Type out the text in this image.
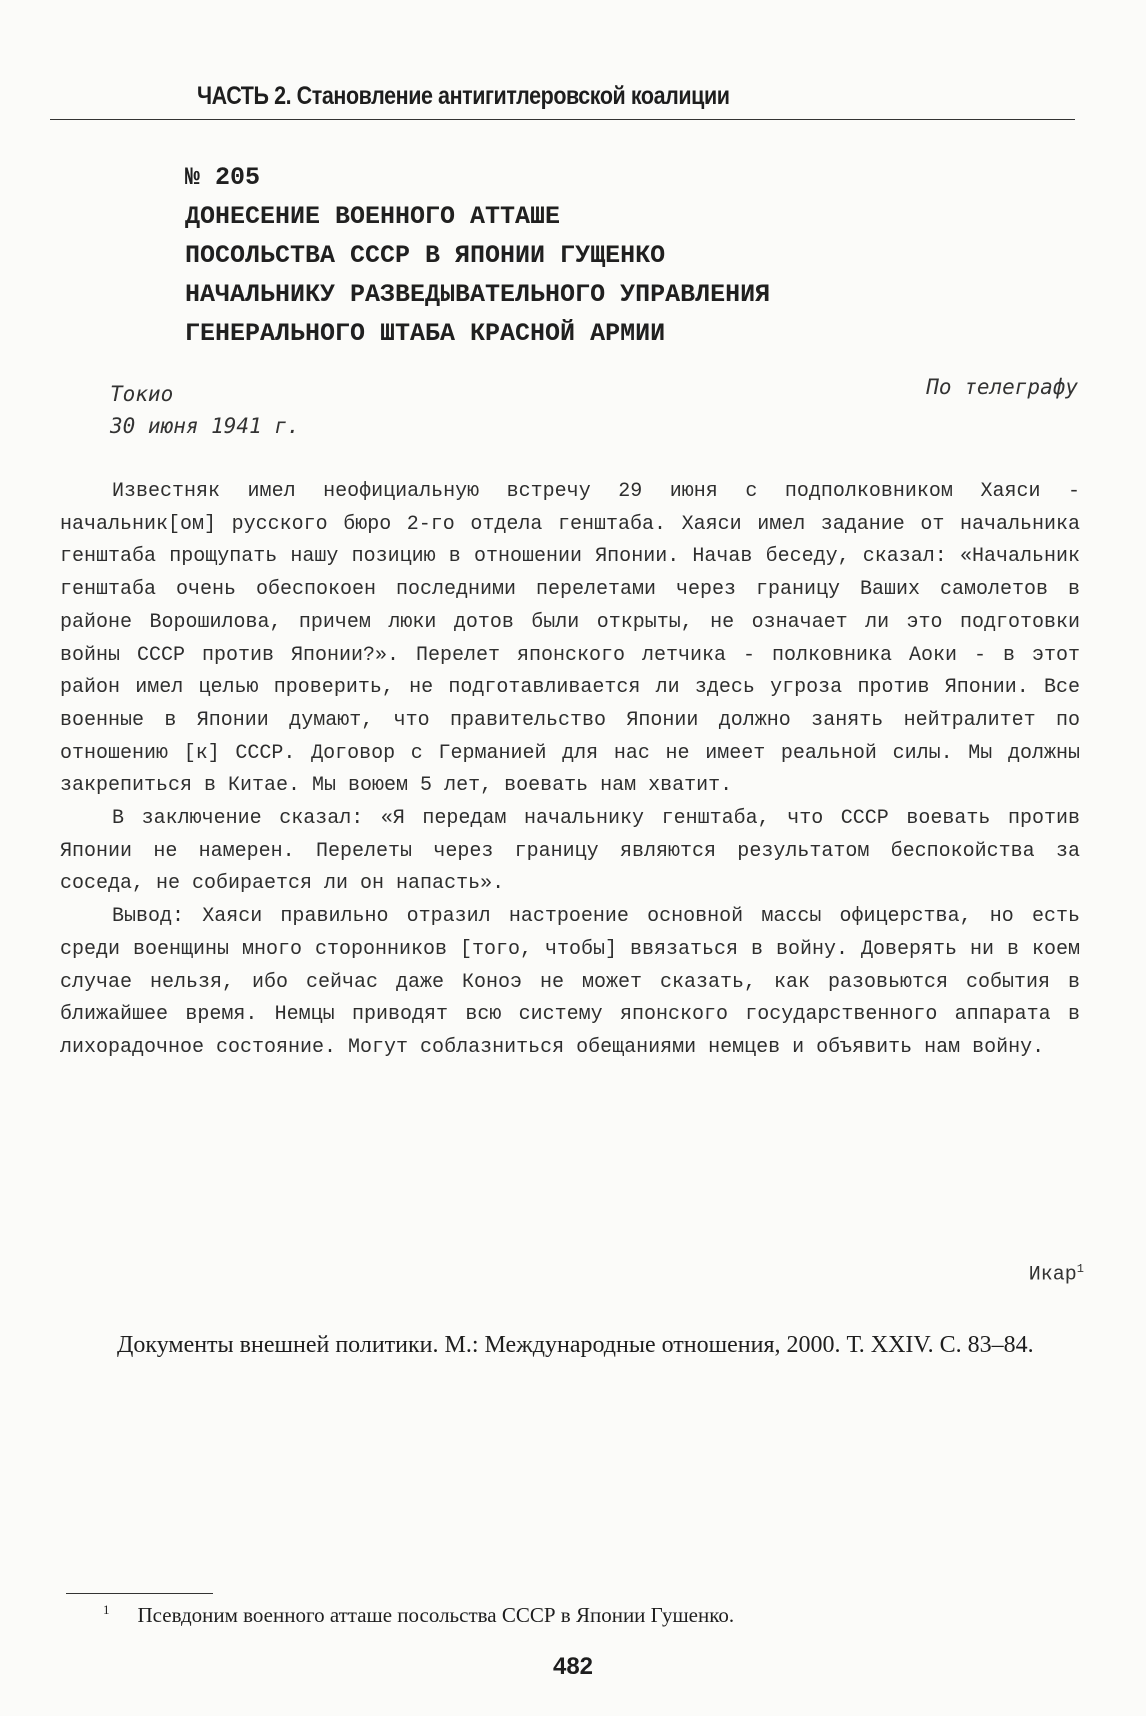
ЧАСТЬ 2. Становление антигитлеровской коалиции
№ 205
ДОНЕСЕНИЕ ВОЕННОГО АТТАШЕ
ПОСОЛЬСТВА СССР В ЯПОНИИ ГУЩЕНКО
НАЧАЛЬНИКУ РАЗВЕДЫВАТЕЛЬНОГО УПРАВЛЕНИЯ
ГЕНЕРАЛЬНОГО ШТАБА КРАСНОЙ АРМИИ
Токио
30 июня 1941 г.
По телеграфу

Известняк имел неофициальную встречу 29 июня с подполковником Хаяси - начальник[ом] русского бюро 2-го отдела генштаба. Хаяси имел задание от начальника генштаба прощупать нашу позицию в отношении Японии. Начав беседу, сказал: «Начальник генштаба очень обеспокоен последними перелетами через границу Ваших самолетов в районе Ворошилова, причем люки дотов были открыты, не означает ли это подготовки войны СССР против Японии?». Перелет японского летчика - полковника Аоки - в этот район имел целью проверить, не подготавливается ли здесь угроза против Японии. Все военные в Японии думают, что правительство Японии должно занять нейтралитет по отношению [к] СССР. Договор с Германией для нас не имеет реальной силы. Мы должны закрепиться в Китае. Мы воюем 5 лет, воевать нам хватит.

В заключение сказал: «Я передам начальнику генштаба, что СССР воевать против Японии не намерен. Перелеты через границу являются результатом беспокойства за соседа, не собирается ли он напасть».

Вывод: Хаяси правильно отразил настроение основной массы офицерства, но есть среди военщины много сторонников [того, чтобы] ввязаться в войну. Доверять ни в коем случае нельзя, ибо сейчас даже Коноэ не может сказать, как разовьются события в ближайшее время. Немцы приводят всю систему японского государственного аппарата в лихорадочное состояние. Могут соблазниться обещаниями немцев и объявить нам войну.

Икар$^1$
Документы внешней политики. М.: Международные отношения, 2000. Т. XXIV. С. 83–84.
$^1$ Псевдоним военного атташе посольства СССР в Японии Гушенко.
482
